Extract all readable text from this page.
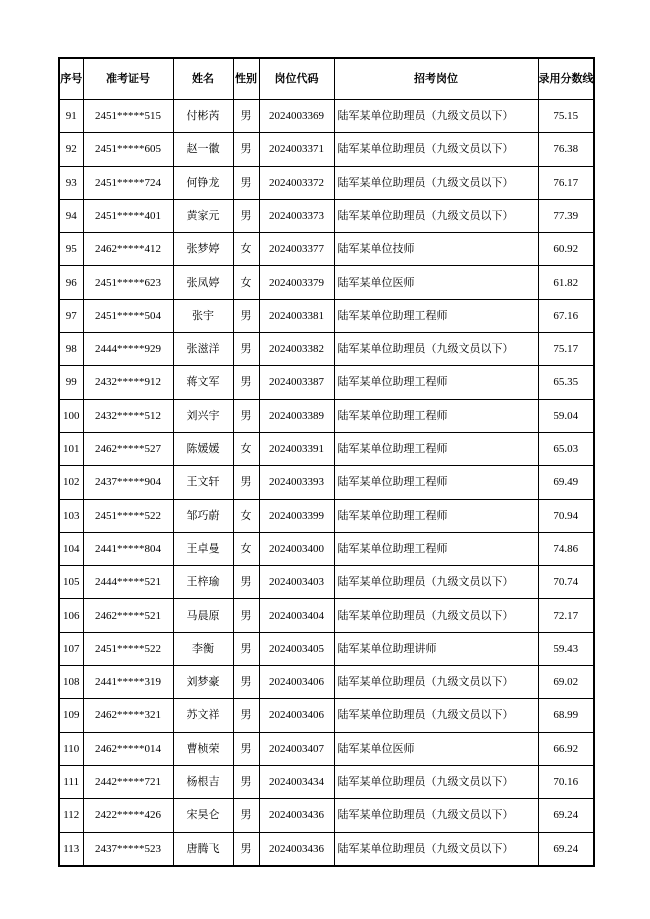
序号	准考证号	姓名	性别	岗位代码	招考岗位	录用分数线
91	2451*****515	付彬芮	男	2024003369	陆军某单位助理员（九级文员以下）	75.15
92	2451*****605	赵一徽	男	2024003371	陆军某单位助理员（九级文员以下）	76.38
93	2451*****724	何铮龙	男	2024003372	陆军某单位助理员（九级文员以下）	76.17
94	2451*****401	黄家元	男	2024003373	陆军某单位助理员（九级文员以下）	77.39
95	2462*****412	张梦婷	女	2024003377	陆军某单位技师	60.92
96	2451*****623	张凤婷	女	2024003379	陆军某单位医师	61.82
97	2451*****504	张宇	男	2024003381	陆军某单位助理工程师	67.16
98	2444*****929	张滋洋	男	2024003382	陆军某单位助理员（九级文员以下）	75.17
99	2432*****912	蒋文军	男	2024003387	陆军某单位助理工程师	65.35
100	2432*****512	刘兴宇	男	2024003389	陆军某单位助理工程师	59.04
101	2462*****527	陈媛媛	女	2024003391	陆军某单位助理工程师	65.03
102	2437*****904	王文轩	男	2024003393	陆军某单位助理工程师	69.49
103	2451*****522	邹巧蔚	女	2024003399	陆军某单位助理工程师	70.94
104	2441*****804	王卓曼	女	2024003400	陆军某单位助理工程师	74.86
105	2444*****521	王梓瑜	男	2024003403	陆军某单位助理员（九级文员以下）	70.74
106	2462*****521	马晨原	男	2024003404	陆军某单位助理员（九级文员以下）	72.17
107	2451*****522	李衡	男	2024003405	陆军某单位助理讲师	59.43
108	2441*****319	刘梦豪	男	2024003406	陆军某单位助理员（九级文员以下）	69.02
109	2462*****321	苏文祥	男	2024003406	陆军某单位助理员（九级文员以下）	68.99
110	2462*****014	曹桢荣	男	2024003407	陆军某单位医师	66.92
111	2442*****721	杨根吉	男	2024003434	陆军某单位助理员（九级文员以下）	70.16
112	2422*****426	宋昊仑	男	2024003436	陆军某单位助理员（九级文员以下）	69.24
113	2437*****523	唐腾飞	男	2024003436	陆军某单位助理员（九级文员以下）	69.24
